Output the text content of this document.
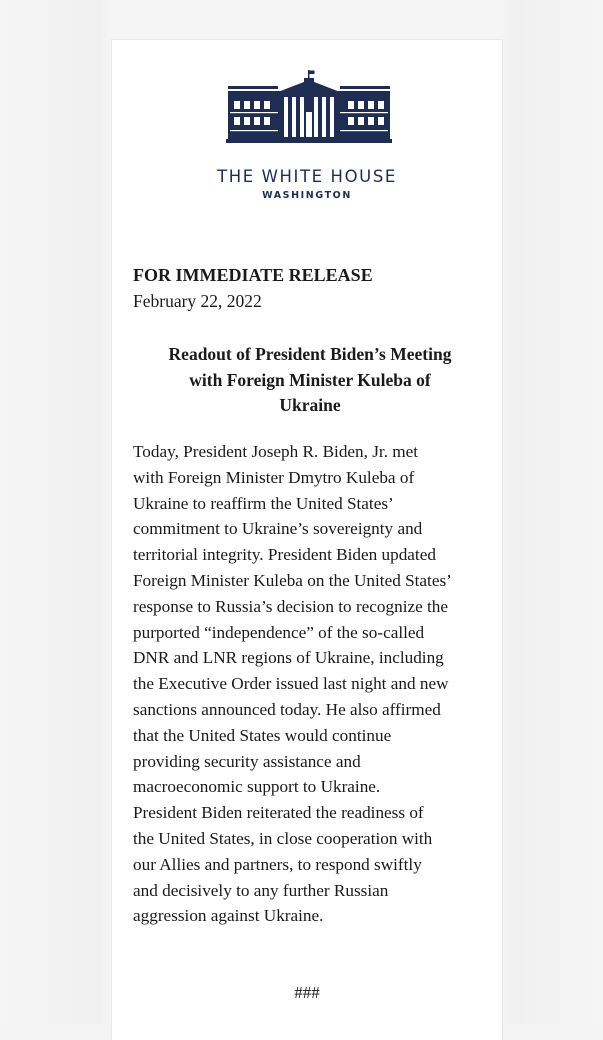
THE WHITE HOUSE
WASHINGTON
FOR IMMEDIATE RELEASE
February 22, 2022
Readout of President Biden’s Meeting
with Foreign Minister Kuleba of
Ukraine
Today, President Joseph R. Biden, Jr. met
with Foreign Minister Dmytro Kuleba of
Ukraine to reaffirm the United States’
commitment to Ukraine’s sovereignty and
territorial integrity. President Biden updated
Foreign Minister Kuleba on the United States’
response to Russia’s decision to recognize the
purported “independence” of the so-called
DNR and LNR regions of Ukraine, including
the Executive Order issued last night and new
sanctions announced today. He also affirmed
that the United States would continue
providing security assistance and
macroeconomic support to Ukraine.
President Biden reiterated the readiness of
the United States, in close cooperation with
our Allies and partners, to respond swiftly
and decisively to any further Russian
aggression against Ukraine.
###
